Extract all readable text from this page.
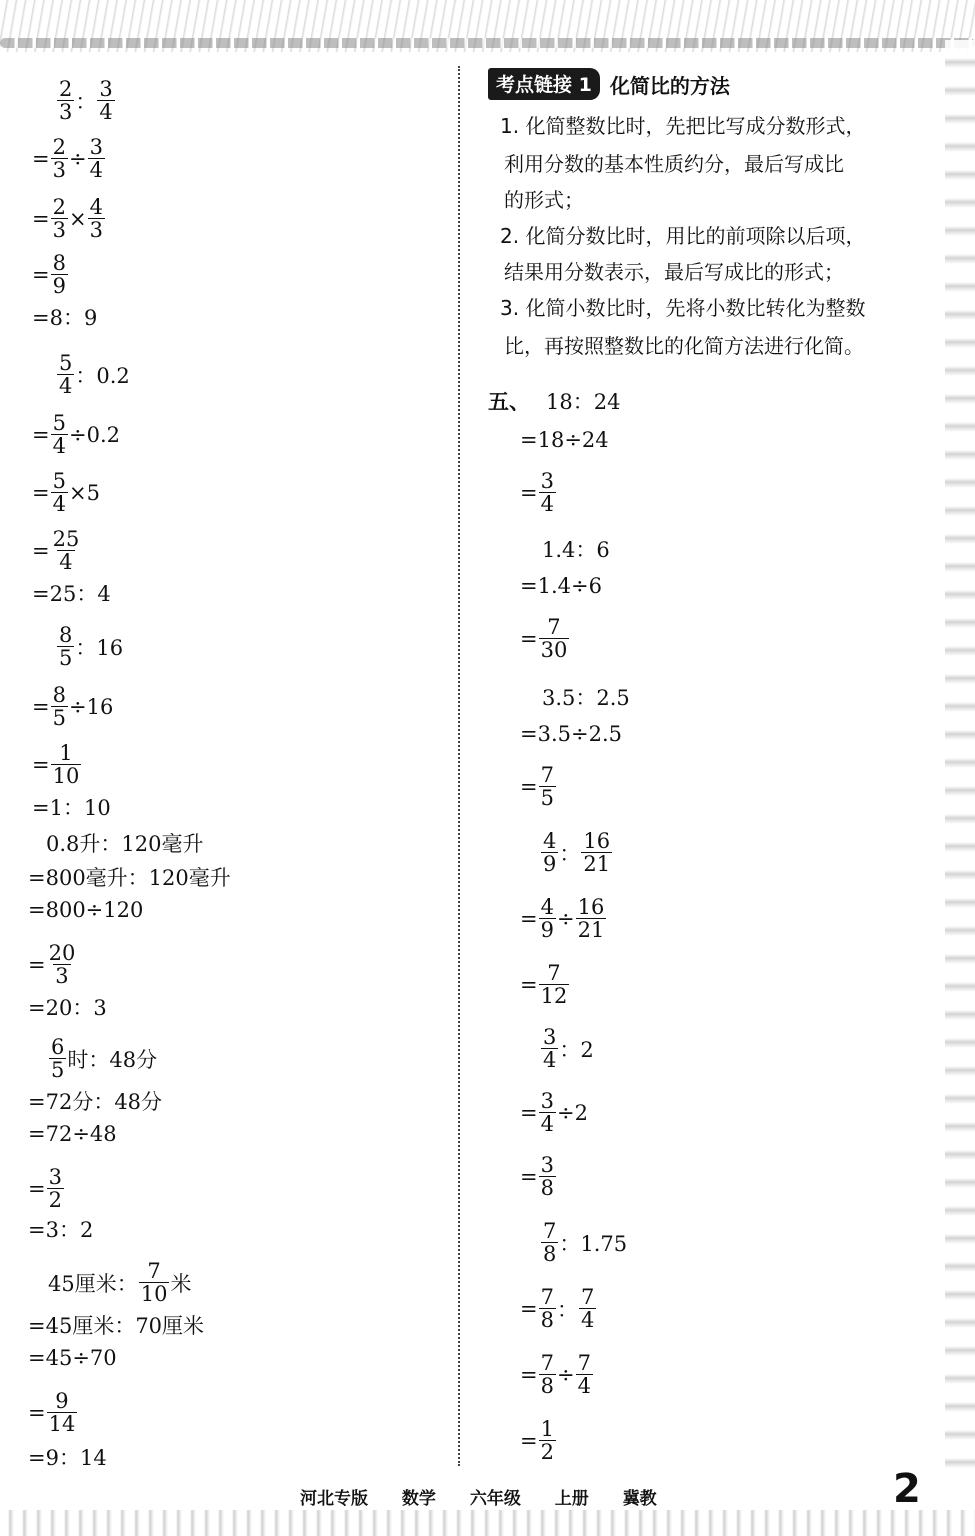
$\frac{2}{3}$ ： $\frac{3}{4}$
= $\frac{2}{3} \div \frac{3}{4}$
= $\frac{2}{3} \times \frac{4}{3}$
= $\frac{8}{9}$
=8：9
$\frac{5}{4}$ ：0.2
= $\frac{5}{4} \div 0.2$
= $\frac{5}{4} \times 5$
= $\frac{25}{4}$
=25：4
$\frac{8}{5}$ ：16
= $\frac{8}{5} \div 16$
= $\frac{1}{10}$
=1：10
0.8升：120毫升
=800毫升：120毫升
=800÷120
= $\frac{20}{3}$
=20：3
$\frac{6}{5}$ 时：48分
=72分：48分
=72÷48
= $\frac{3}{2}$
=3：2
45厘米： $\frac{7}{10}$ 米
=45厘米：70厘米
=45÷70
= $\frac{9}{14}$
=9：14
考点链接 1 化简比的方法
1. 化简整数比时，先把比写成分数形式，
利用分数的基本性质约分，最后写成比
的形式；
2. 化简分数比时，用比的前项除以后项，
结果用分数表示，最后写成比的形式；
3. 化简小数比时，先将小数比转化为整数
比，再按照整数比的化简方法进行化简。
五、 18：24
=18÷24
= $\frac{3}{4}$
1.4：6
=1.4÷6
= $\frac{7}{30}$
3.5：2.5
=3.5÷2.5
= $\frac{7}{5}$
$\frac{4}{9}$ ： $\frac{16}{21}$
= $\frac{4}{9} \div \frac{16}{21}$
= $\frac{7}{12}$
$\frac{3}{4}$ ：2
= $\frac{3}{4} \div 2$
= $\frac{3}{8}$
$\frac{7}{8}$ ：1.75
= $\frac{7}{8}$ ： $\frac{7}{4}$
= $\frac{7}{8} \div \frac{7}{4}$
= $\frac{1}{2}$
河北专版 数学 六年级 上册 冀教	2
